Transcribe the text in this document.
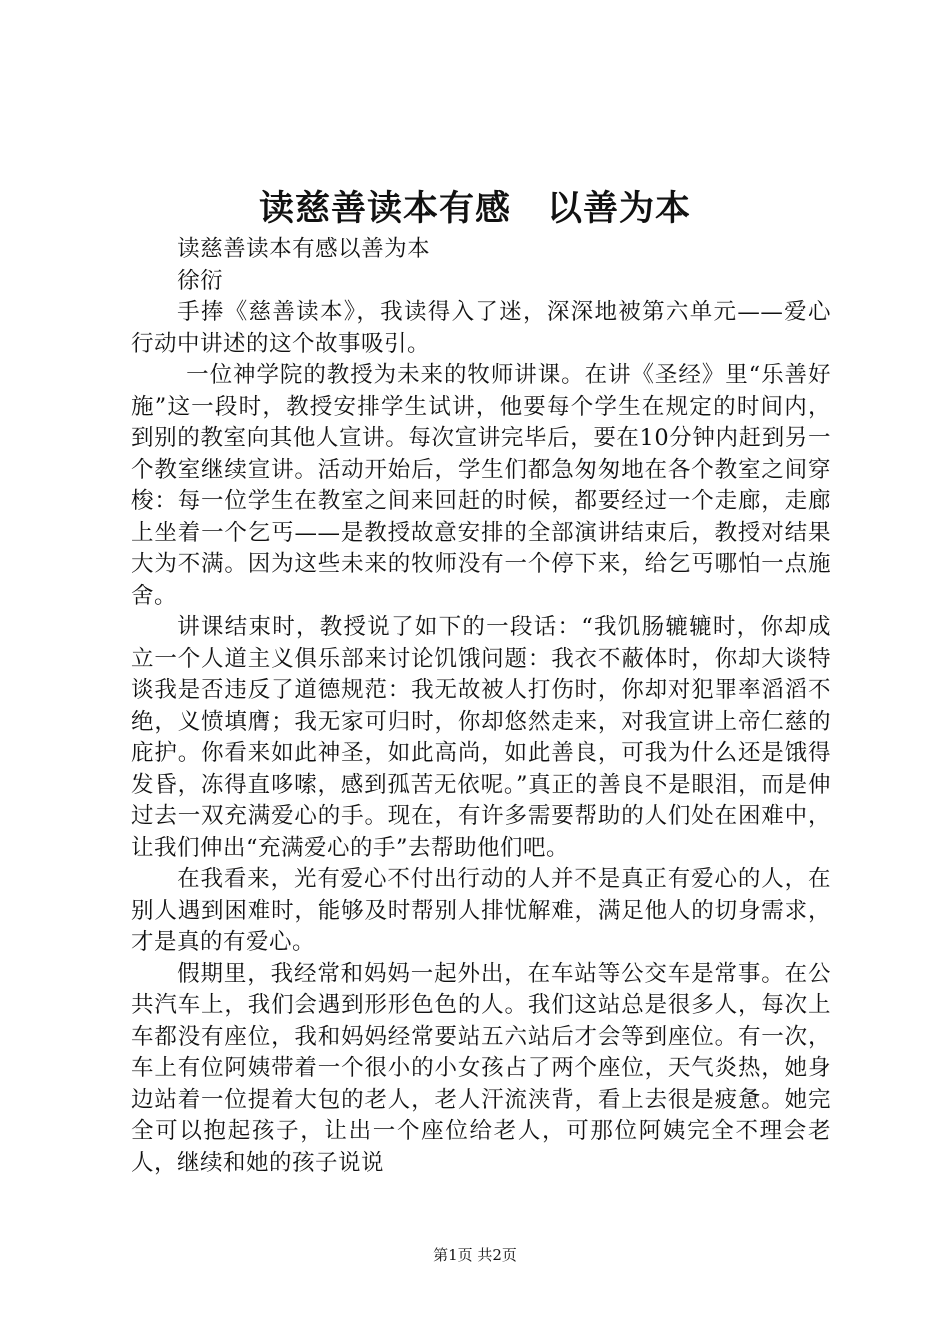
读慈善读本有感　以善为本

读慈善读本有感以善为本

徐衍

手捧《慈善读本》，我读得入了迷，深深地被第六单元——爱心行动中讲述的这个故事吸引。

一位神学院的教授为未来的牧师讲课。在讲《圣经》里“乐善好施”这一段时，教授安排学生试讲，他要每个学生在规定的时间内，到别的教室向其他人宣讲。每次宣讲完毕后，要在10分钟内赶到另一个教室继续宣讲。活动开始后，学生们都急匆匆地在各个教室之间穿梭：每一位学生在教室之间来回赶的时候，都要经过一个走廊，走廊上坐着一个乞丐——是教授故意安排的全部演讲结束后，教授对结果大为不满。因为这些未来的牧师没有一个停下来，给乞丐哪怕一点施舍。

讲课结束时，教授说了如下的一段话：“我饥肠辘辘时，你却成立一个人道主义俱乐部来讨论饥饿问题：我衣不蔽体时，你却大谈特谈我是否违反了道德规范：我无故被人打伤时，你却对犯罪率滔滔不绝，义愤填膺；我无家可归时，你却悠然走来，对我宣讲上帝仁慈的庇护。你看来如此神圣，如此高尚，如此善良，可我为什么还是饿得发昏，冻得直哆嗦，感到孤苦无依呢。”真正的善良不是眼泪，而是伸过去一双充满爱心的手。现在，有许多需要帮助的人们处在困难中，让我们伸出“充满爱心的手”去帮助他们吧。

在我看来，光有爱心不付出行动的人并不是真正有爱心的人，在别人遇到困难时，能够及时帮别人排忧解难，满足他人的切身需求，才是真的有爱心。

假期里，我经常和妈妈一起外出，在车站等公交车是常事。在公共汽车上，我们会遇到形形色色的人。我们这站总是很多人，每次上车都没有座位，我和妈妈经常要站五六站后才会等到座位。有一次，车上有位阿姨带着一个很小的小女孩占了两个座位，天气炎热，她身边站着一位提着大包的老人，老人汗流浃背，看上去很是疲惫。她完全可以抱起孩子，让出一个座位给老人，可那位阿姨完全不理会老人，继续和她的孩子说说

第1页 共2页
